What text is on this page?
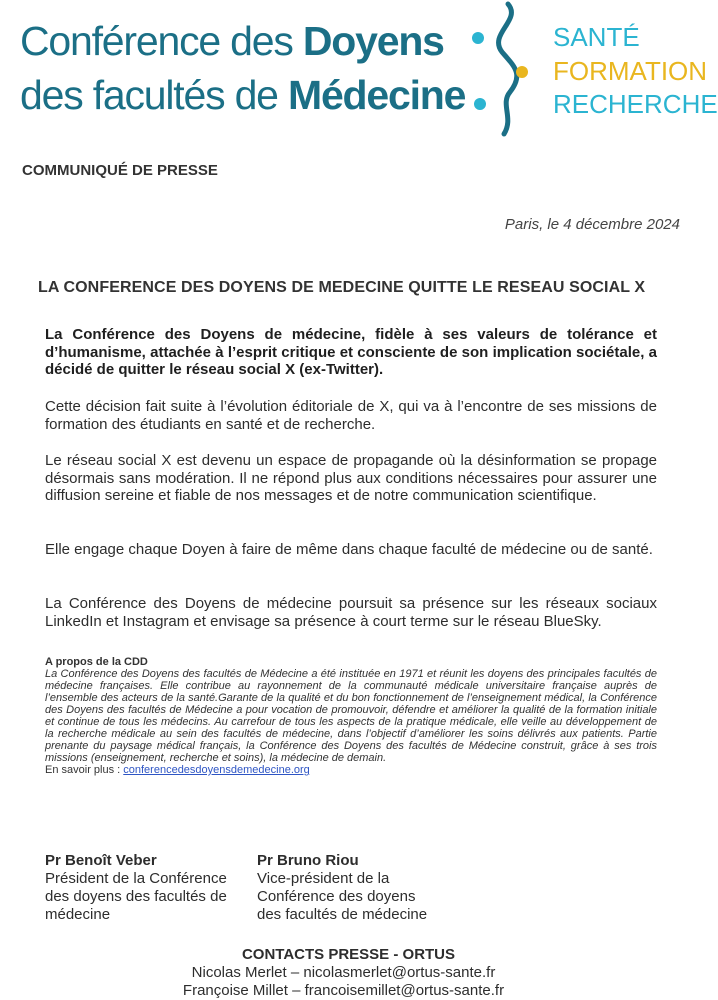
Conférence des Doyens
des facultés de Médecine
SANTÉ
FORMATION
RECHERCHE
COMMUNIQUÉ DE PRESSE
Paris, le 4 décembre 2024
LA CONFERENCE DES DOYENS DE MEDECINE QUITTE LE RESEAU SOCIAL X
La Conférence des Doyens de médecine, fidèle à ses valeurs de tolérance et d’humanisme, attachée à l’esprit critique et consciente de son implication sociétale, a décidé de quitter le réseau social X (ex-Twitter).
Cette décision fait suite à l’évolution éditoriale de X, qui va à l’encontre de ses missions de formation des étudiants en santé et de recherche.
Le réseau social X est devenu un espace de propagande où la désinformation se propage désormais sans modération. Il ne répond plus aux conditions nécessaires pour assurer une diffusion sereine et fiable de nos messages et de notre communication scientifique.
Elle engage chaque Doyen à faire de même dans chaque faculté de médecine ou de santé.
La Conférence des Doyens de médecine poursuit sa présence sur les réseaux sociaux LinkedIn et Instagram et envisage sa présence à court terme sur le réseau BlueSky.
A propos de la CDD
La Conférence des Doyens des facultés de Médecine a été instituée en 1971 et réunit les doyens des principales facultés de médecine françaises. Elle contribue au rayonnement de la communauté médicale universitaire française auprès de l’ensemble des acteurs de la santé.Garante de la qualité et du bon fonctionnement de l’enseignement médical, la Conférence des Doyens des facultés de Médecine a pour vocation de promouvoir, défendre et améliorer la qualité de la formation initiale et continue de tous les médecins. Au carrefour de tous les aspects de la pratique médicale, elle veille au développement de la recherche médicale au sein des facultés de médecine, dans l’objectif d’améliorer les soins délivrés aux patients. Partie prenante du paysage médical français, la Conférence des Doyens des facultés de Médecine construit, grâce à ses trois missions (enseignement, recherche et soins), la médecine de demain.
En savoir plus : conferencedesdoyensdemedecine.org
Pr Benoît Veber
Président de la Conférence
des doyens des facultés de
médecine
Pr Bruno Riou
Vice-président de la
Conférence des doyens
des facultés de médecine
CONTACTS PRESSE - ORTUS
Nicolas Merlet – nicolasmerlet@ortus-sante.fr
Françoise Millet – francoisemillet@ortus-sante.fr
